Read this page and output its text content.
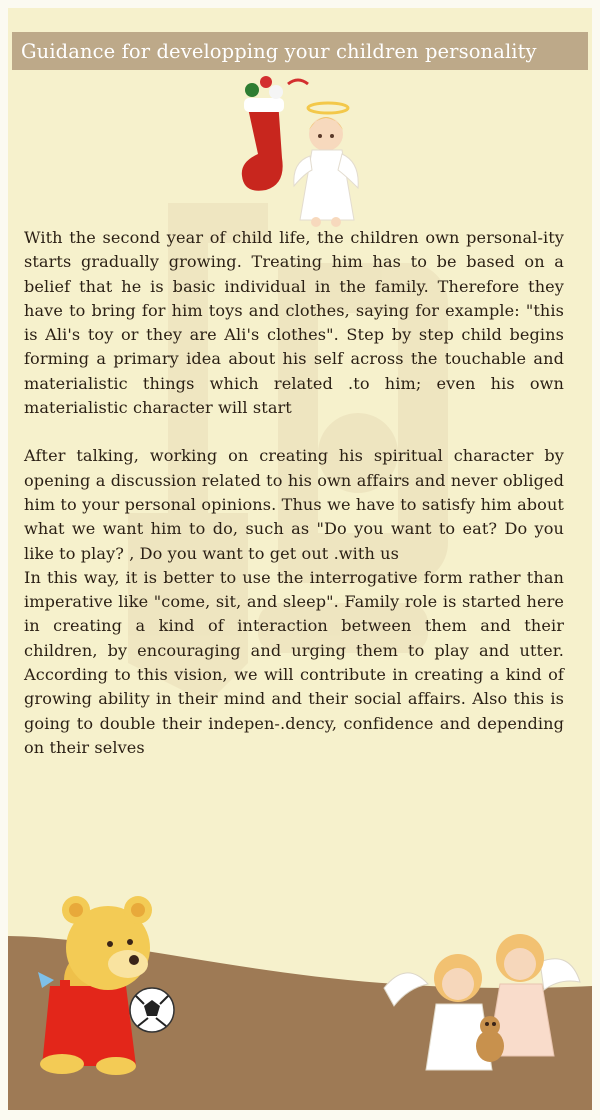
Guidance for developping your children personality

With the second year of child life, the children own personal-ity starts gradually growing. Treating him has to be based on a belief that he is basic individual in the family. Therefore they have to bring for him toys and clothes, saying for example: "this is Ali's toy or they are Ali's clothes". Step by step child begins forming a primary idea about his self across the touchable and materialistic things which related .to him; even his own materialistic character will start

After talking, working on creating his spiritual character by opening a discussion related to his own affairs and never obliged him to your personal opinions. Thus we have to satisfy him about what we want him to do, such as "Do you want to eat? Do you like to play? , Do you want to get out .with us

In this way, it is better to use the interrogative form rather than imperative like "come, sit, and sleep". Family role is started here in creating a kind of interaction between them and their children, by encouraging and urging them to play and utter. According to this vision, we will contribute in creating a kind of growing ability in their mind and their social affairs. Also this is going to double their indepen-.dency, confidence and depending on their selves
